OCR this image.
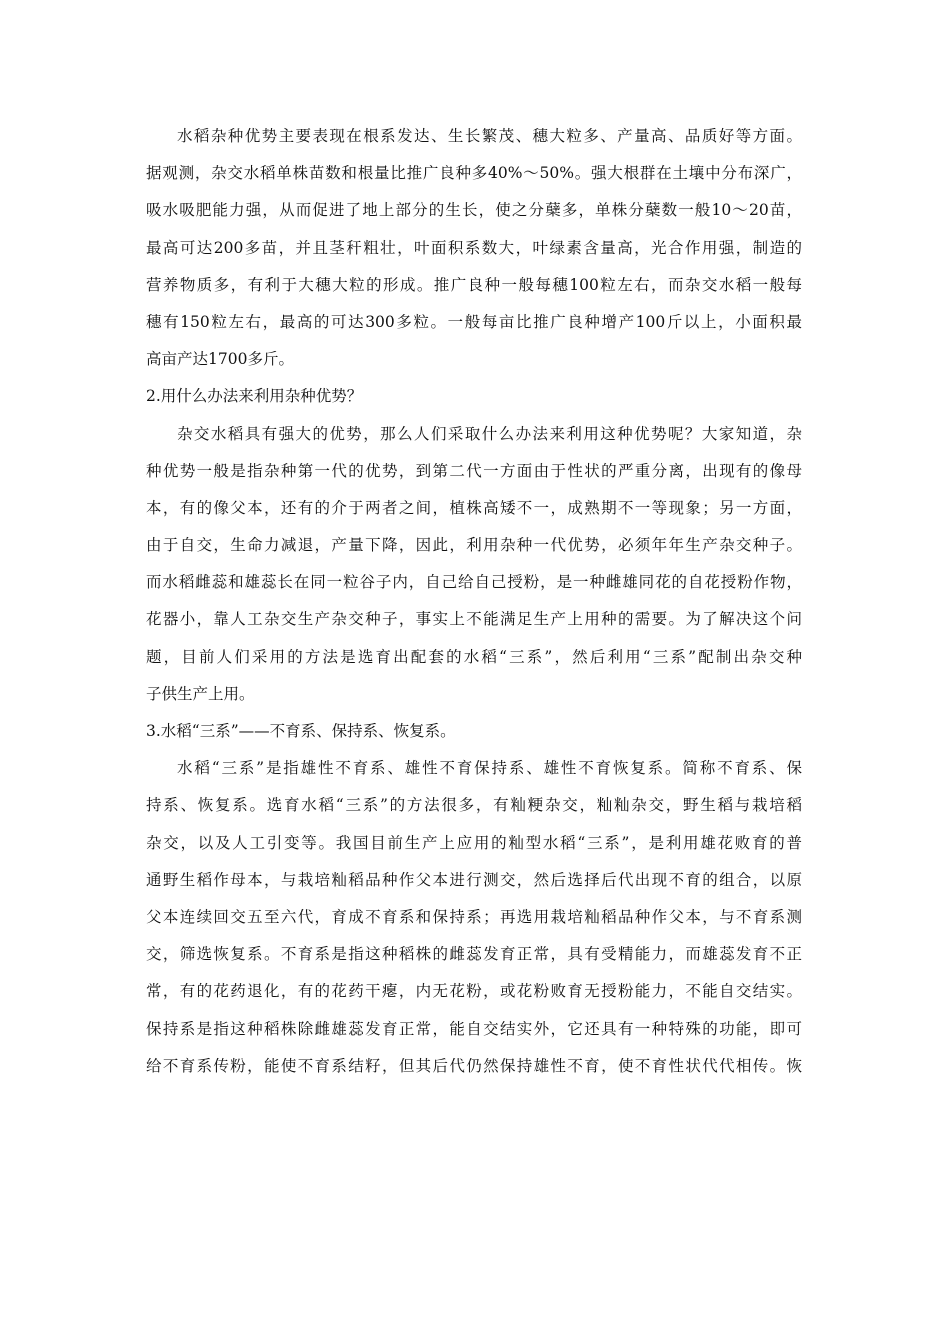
水稻杂种优势主要表现在根系发达、生长繁茂、穗大粒多、产量高、品质好等方面。
据观测，杂交水稻单株苗数和根量比推广良种多40%～50%。强大根群在土壤中分布深广，
吸水吸肥能力强，从而促进了地上部分的生长，使之分蘖多，单株分蘖数一般10～20苗，
最高可达200多苗，并且茎秆粗壮，叶面积系数大，叶绿素含量高，光合作用强，制造的
营养物质多，有利于大穗大粒的形成。推广良种一般每穗100粒左右，而杂交水稻一般每
穗有150粒左右，最高的可达300多粒。一般每亩比推广良种增产100斤以上，小面积最
高亩产达1700多斤。
2.用什么办法来利用杂种优势？
杂交水稻具有强大的优势，那么人们采取什么办法来利用这种优势呢？大家知道，杂
种优势一般是指杂种第一代的优势，到第二代一方面由于性状的严重分离，出现有的像母
本，有的像父本，还有的介于两者之间，植株高矮不一，成熟期不一等现象；另一方面，
由于自交，生命力减退，产量下降，因此，利用杂种一代优势，必须年年生产杂交种子。
而水稻雌蕊和雄蕊长在同一粒谷子内，自己给自己授粉，是一种雌雄同花的自花授粉作物，
花器小，靠人工杂交生产杂交种子，事实上不能满足生产上用种的需要。为了解决这个问
题，目前人们采用的方法是选育出配套的水稻“三系”，然后利用“三系”配制出杂交种
子供生产上用。
3.水稻“三系”——不育系、保持系、恢复系。
水稻“三系”是指雄性不育系、雄性不育保持系、雄性不育恢复系。简称不育系、保
持系、恢复系。选育水稻“三系”的方法很多，有籼粳杂交，籼籼杂交，野生稻与栽培稻
杂交，以及人工引变等。我国目前生产上应用的籼型水稻“三系”，是利用雄花败育的普
通野生稻作母本，与栽培籼稻品种作父本进行测交，然后选择后代出现不育的组合，以原
父本连续回交五至六代，育成不育系和保持系；再选用栽培籼稻品种作父本，与不育系测
交，筛选恢复系。不育系是指这种稻株的雌蕊发育正常，具有受精能力，而雄蕊发育不正
常，有的花药退化，有的花药干瘪，内无花粉，或花粉败育无授粉能力，不能自交结实。
保持系是指这种稻株除雌雄蕊发育正常，能自交结实外，它还具有一种特殊的功能，即可
给不育系传粉，能使不育系结籽，但其后代仍然保持雄性不育，使不育性状代代相传。恢
